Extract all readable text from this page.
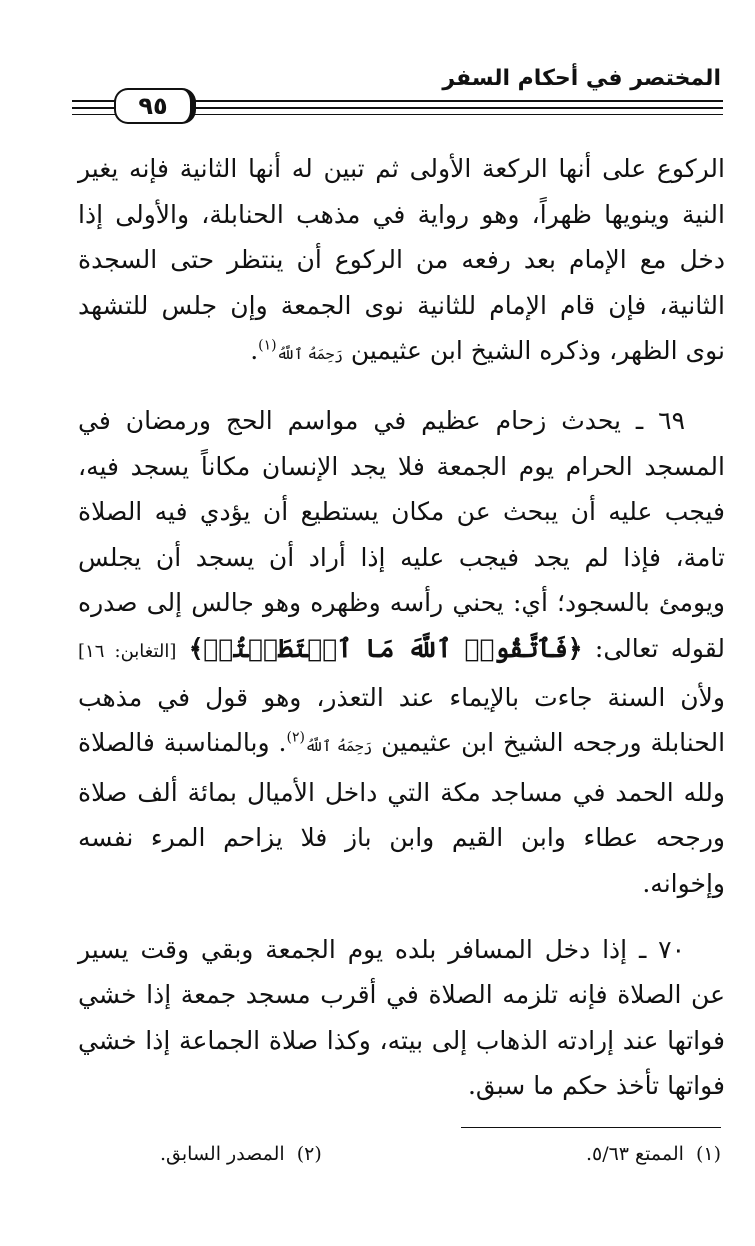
المختصر في أحكام السفر
٩٥

الركوع على أنها الركعة الأولى ثم تبين له أنها الثانية فإنه يغير النية وينويها ظهراً، وهو رواية في مذهب الحنابلة، والأولى إذا دخل مع الإمام بعد رفعه من الركوع أن ينتظر حتى السجدة الثانية، فإن قام الإمام للثانية نوى الجمعة وإن جلس للتشهد نوى الظهر، وذكره الشيخ ابن عثيمين رَحِمَهُ ٱللَّهُ$^{(١)}$.

٦٩ ـ يحدث زحام عظيم في مواسم الحج ورمضان في المسجد الحرام يوم الجمعة فلا يجد الإنسان مكاناً يسجد فيه، فيجب عليه أن يبحث عن مكان يستطيع أن يؤدي فيه الصلاة تامة، فإذا لم يجد فيجب عليه إذا أراد أن يسجد أن يجلس ويومئ بالسجود؛ أي: يحني رأسه وظهره وهو جالس إلى صدره لقوله تعالى: ﴿فَٱتَّقُوا۟ ٱللَّهَ مَا ٱسۡتَطَعۡتُمۡ﴾ [التغابن: ١٦] ولأن السنة جاءت بالإيماء عند التعذر، وهو قول في مذهب الحنابلة ورجحه الشيخ ابن عثيمين رَحِمَهُ ٱللَّهُ$^{(٢)}$. وبالمناسبة فالصلاة ولله الحمد في مساجد مكة التي داخل الأميال بمائة ألف صلاة ورجحه عطاء وابن القيم وابن باز فلا يزاحم المرء نفسه وإخوانه.

٧٠ ـ إذا دخل المسافر بلده يوم الجمعة وبقي وقت يسير عن الصلاة فإنه تلزمه الصلاة في أقرب مسجد جمعة إذا خشي فواتها عند إرادته الذهاب إلى بيته، وكذا صلاة الجماعة إذا خشي فواتها تأخذ حكم ما سبق.

(١)
الممتع ٥/٦٣.
(٢)
المصدر السابق.
